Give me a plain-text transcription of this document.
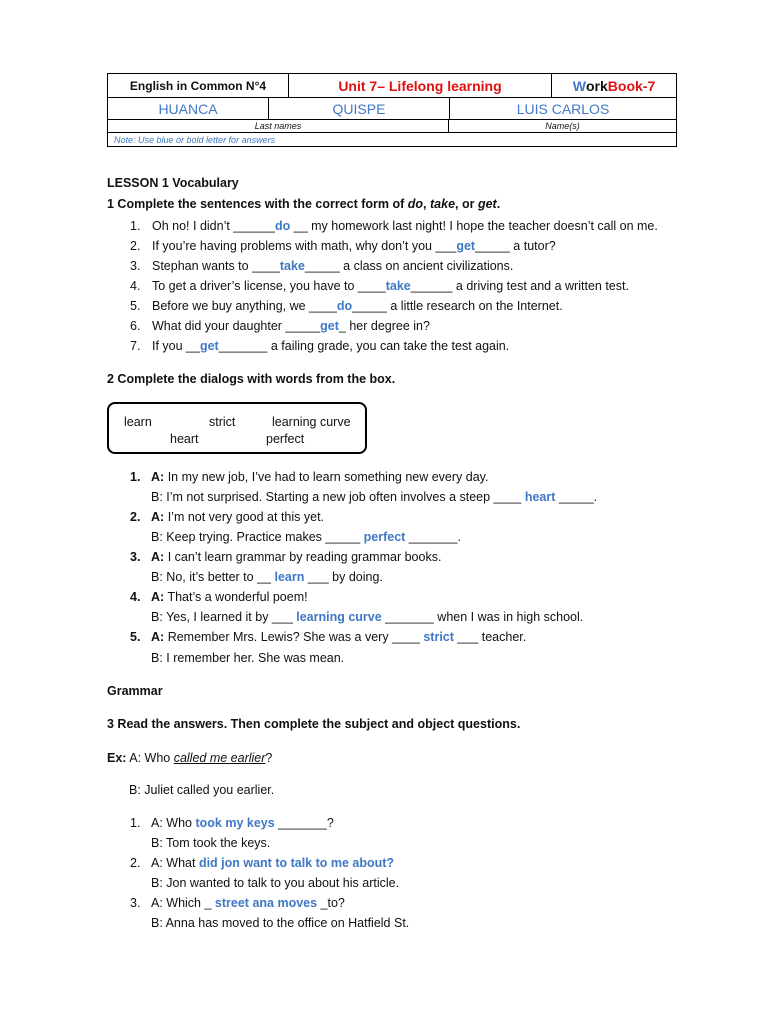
English in Common N°4	Unit 7 – Lifelong learning	W ork Book-7
HUANCA	QUISPE	LUIS CARLOS
Last names	Name(s)
Note: Use blue or bold letter for answers
LESSON 1 Vocabulary
1 Complete the sentences with the correct form of do, take, or get.
1. Oh no! I didn’t ______do __ my homework last night! I hope the teacher doesn’t call on me.
2. If you’re having problems with math, why don’t you ___get_____ a tutor?
3. Stephan wants to ____take_____ a class on ancient civilizations.
4. To get a driver’s license, you have to ____take______ a driving test and a written test.
5. Before we buy anything, we ____do_____ a little research on the Internet.
6. What did your daughter _____get_ her degree in?
7. If you __get_______ a failing grade, you can take the test again.
2 Complete the dialogs with words from the box.
learn	strict	learning curve
heart	perfect
1. A: In my new job, I’ve had to learn something new every day.
B: I’m not surprised. Starting a new job often involves a steep ____ heart _____.
2. A: I’m not very good at this yet.
B: Keep trying. Practice makes _____ perfect _______.
3. A: I can’t learn grammar by reading grammar books.
B: No, it’s better to __ learn ___ by doing.
4. A: That’s a wonderful poem!
B: Yes, I learned it by ___ learning curve _______ when I was in high school.
5. A: Remember Mrs. Lewis? She was a very ____ strict ___ teacher.
B: I remember her. She was mean.
Grammar
3 Read the answers. Then complete the subject and object questions.
Ex: A: Who called me earlier?
B: Juliet called you earlier.
1. A: Who took my keys _______?
B: Tom took the keys.
2. A: What did jon want to talk to me about?
B: Jon wanted to talk to you about his article.
3. A: Which _ street ana moves _to?
B: Anna has moved to the office on Hatfield St.
